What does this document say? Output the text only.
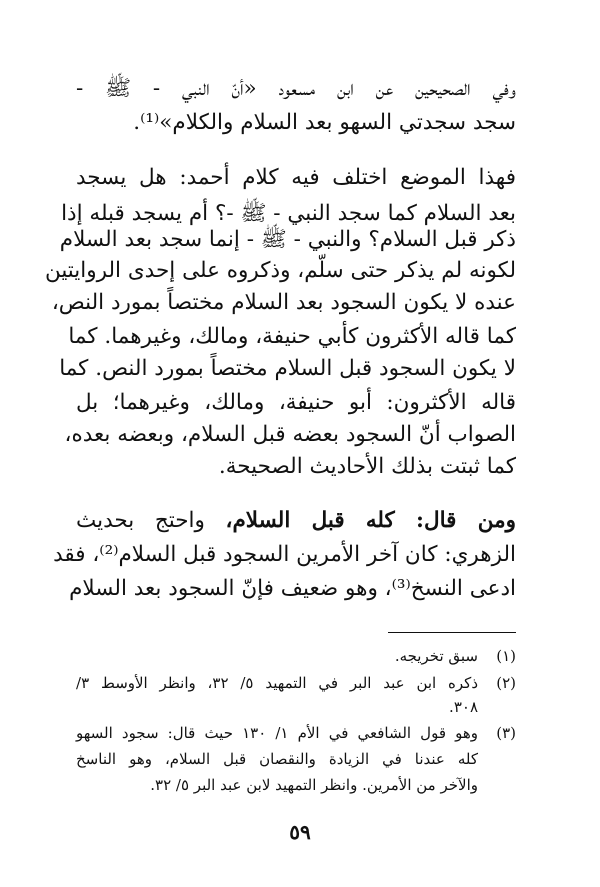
وفي الصحيحين عن ابن مسعود «أنّ النبي - ﷺ -
سجد سجدتي السهو بعد السلام والكلام»⁽¹⁾.
فهذا الموضع اختلف فيه كلام أحمد: هل يسجد
بعد السلام كما سجد النبي - ﷺ -؟ أم يسجد قبله إذا
ذكر قبل السلام؟ والنبي - ﷺ - إنما سجد بعد السلام
لكونه لم يذكر حتى سلّم، وذكروه على إحدى الروايتين
عنده لا يكون السجود بعد السلام مختصاً بمورد النص،
كما قاله الأكثرون كأبي حنيفة، ومالك، وغيرهما. كما
لا يكون السجود قبل السلام مختصاً بمورد النص. كما
قاله الأكثرون: أبو حنيفة، ومالك، وغيرهما؛ بل
الصواب أنّ السجود بعضه قبل السلام، وبعضه بعده،
كما ثبتت بذلك الأحاديث الصحيحة.
ومن قال: كله قبل السلام، واحتج بحديث
الزهري: كان آخر الأمرين السجود قبل السلام⁽²⁾، فقد
ادعى النسخ⁽³⁾، وهو ضعيف فإنّ السجود بعد السلام
(١)
سبق تخريجه.
(٢)
ذكره ابن عبد البر في التمهيد ٥/ ٣٢، وانظر الأوسط ٣/
٣٠٨.
(٣)
وهو قول الشافعي في الأم ١/ ١٣٠ حيث قال: سجود السهو
كله عندنا في الزيادة والنقصان قبل السلام، وهو الناسخ
والآخر من الأمرين. وانظر التمهيد لابن عبد البر ٥/ ٣٢.
٥٩
